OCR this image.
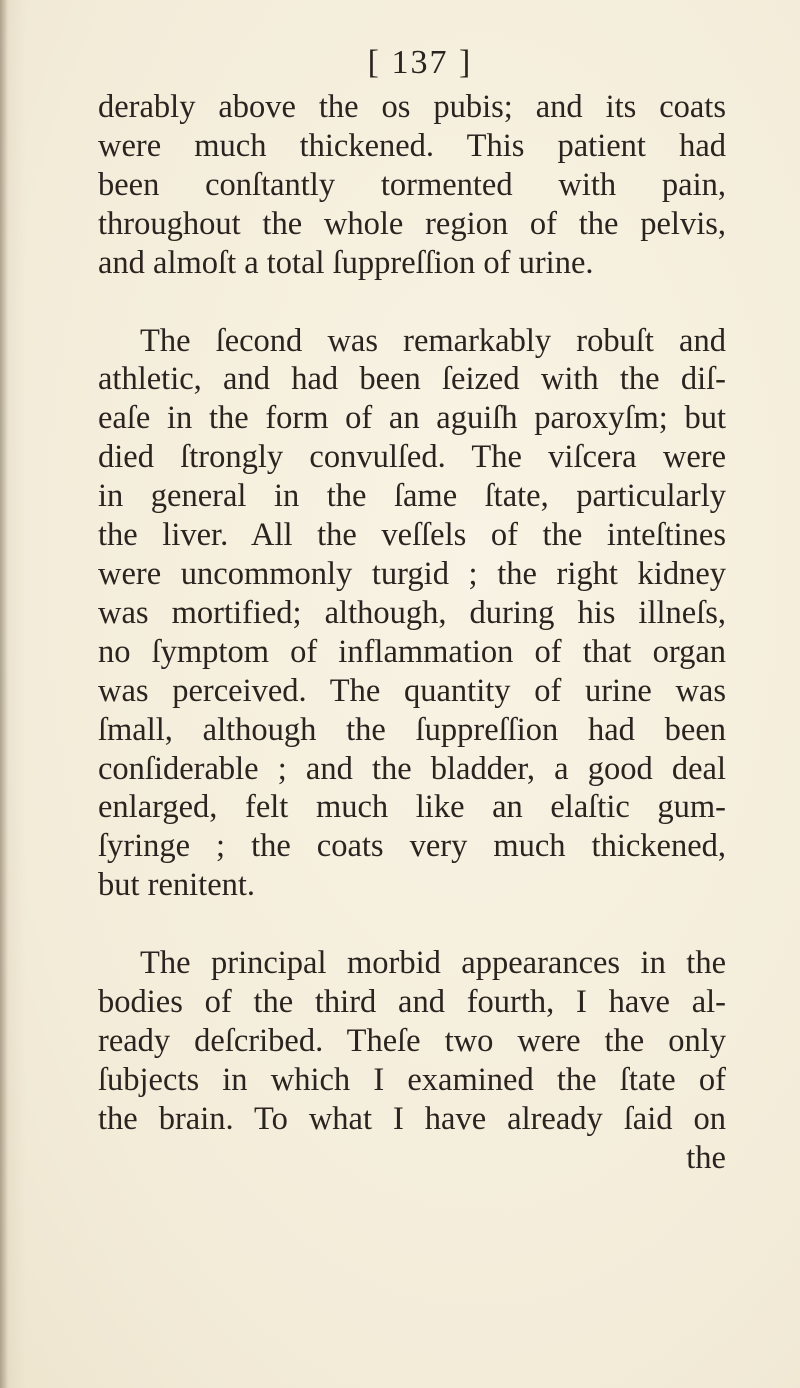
[ 137 ]

derably above the os pubis; and its coats
were much thickened. This patient had
been conſtantly tormented with pain,
throughout the whole region of the pelvis,
and almoſt a total ſuppreſſion of urine.

The ſecond was remarkably robuſt and
athletic, and had been ſeized with the diſ-
eaſe in the form of an aguiſh paroxyſm; but
died ſtrongly convulſed. The viſcera were
in general in the ſame ſtate, particularly
the liver. All the veſſels of the inteſtines
were uncommonly turgid ; the right kidney
was mortified; although, during his illneſs,
no ſymptom of inflammation of that organ
was perceived. The quantity of urine was
ſmall, although the ſuppreſſion had been
conſiderable ; and the bladder, a good deal
enlarged, felt much like an elaſtic gum-
ſyringe ; the coats very much thickened,
but renitent.

The principal morbid appearances in the
bodies of the third and fourth, I have al-
ready deſcribed. Theſe two were the only
ſubjects in which I examined the ſtate of
the brain. To what I have already ſaid on

the
